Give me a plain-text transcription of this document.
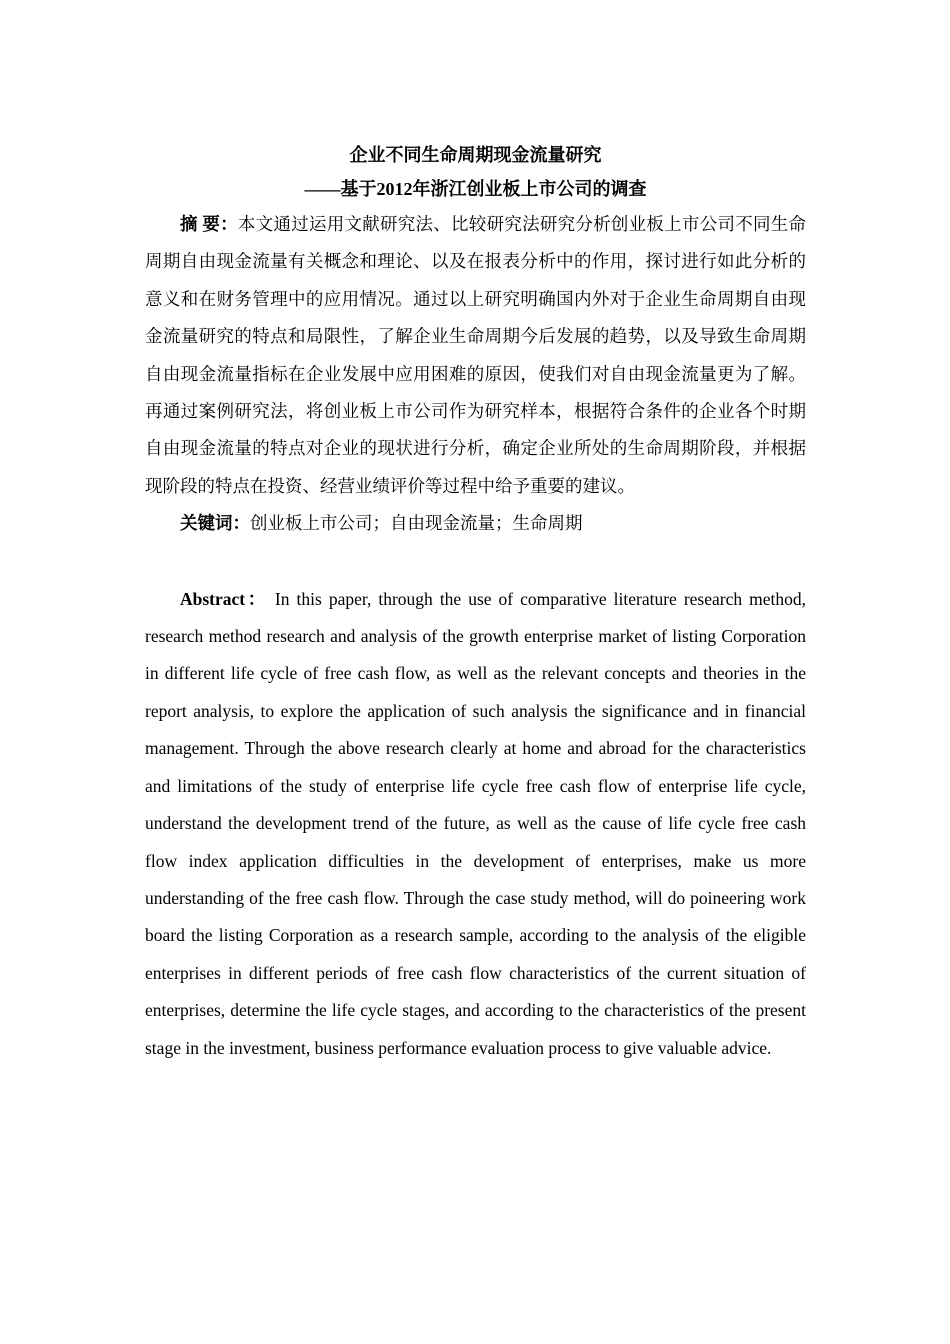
企业不同生命周期现金流量研究

——基于2012年浙江创业板上市公司的调查

摘 要：本文通过运用文献研究法、比较研究法研究分析创业板上市公司不同生命周期自由现金流量有关概念和理论、以及在报表分析中的作用，探讨进行如此分析的意义和在财务管理中的应用情况。通过以上研究明确国内外对于企业生命周期自由现金流量研究的特点和局限性，了解企业生命周期今后发展的趋势，以及导致生命周期自由现金流量指标在企业发展中应用困难的原因，使我们对自由现金流量更为了解。再通过案例研究法，将创业板上市公司作为研究样本，根据符合条件的企业各个时期自由现金流量的特点对企业的现状进行分析，确定企业所处的生命周期阶段，并根据现阶段的特点在投资、经营业绩评价等过程中给予重要的建议。

关键词：创业板上市公司；自由现金流量；生命周期

Abstract： In this paper, through the use of comparative literature research method, research method research and analysis of the growth enterprise market of listing Corporation in different life cycle of free cash flow, as well as the relevant concepts and theories in the report analysis, to explore the application of such analysis the significance and in financial management. Through the above research clearly at home and abroad for the characteristics and limitations of the study of enterprise life cycle free cash flow of enterprise life cycle, understand the development trend of the future, as well as the cause of life cycle free cash flow index application difficulties in the development of enterprises, make us more understanding of the free cash flow. Through the case study method, will do poineering work board the listing Corporation as a research sample, according to the analysis of the eligible enterprises in different periods of free cash flow characteristics of the current situation of enterprises, determine the life cycle stages, and according to the characteristics of the present stage in the investment, business performance evaluation process to give valuable advice.
